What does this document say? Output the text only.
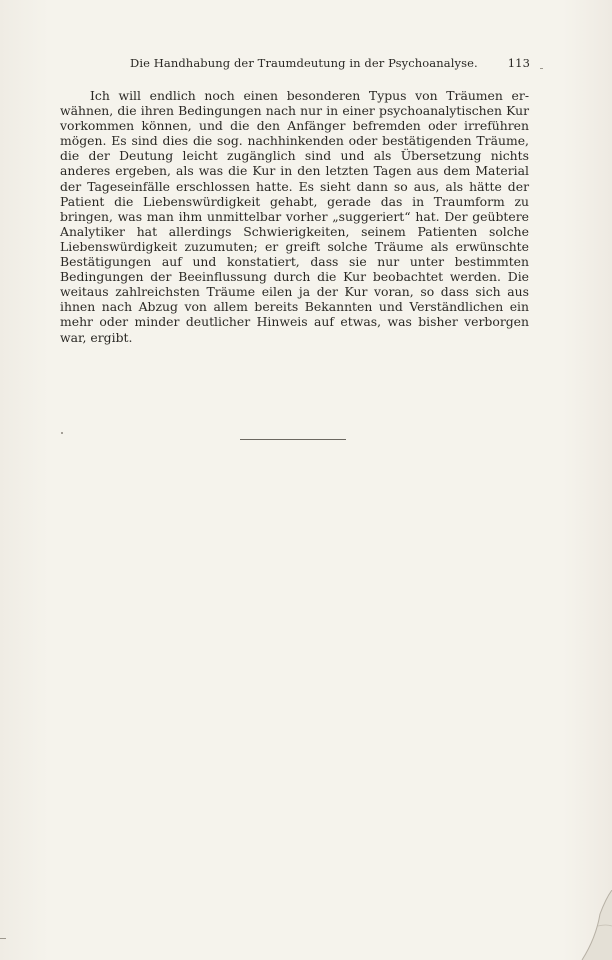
Die Handhabung der Traumdeutung in der Psychoanalyse.	113

Ich will endlich noch einen besonderen Typus von Träumen erwähnen, die ihren Bedingungen nach nur in einer psychoanalytischen Kur vorkommen können, und die den Anfänger befremden oder irreführen mögen. Es sind dies die sog. nachhinkenden oder bestätigenden Träume, die der Deutung leicht zugänglich sind und als Übersetzung nichts anderes ergeben, als was die Kur in den letzten Tagen aus dem Material der Tageseinfälle erschlossen hatte. Es sieht dann so aus, als hätte der Patient die Liebenswürdigkeit gehabt, gerade das in Traumform zu bringen, was man ihm unmittelbar vorher „suggeriert“ hat. Der geübtere Analytiker hat allerdings Schwierigkeiten, seinem Patienten solche Liebenswürdigkeit zuzumuten; er greift solche Träume als erwünschte Bestätigungen auf und konstatiert, dass sie nur unter bestimmten Bedingungen der Beeinflussung durch die Kur beobachtet werden. Die weitaus zahlreichsten Träume eilen ja der Kur voran, so dass sich aus ihnen nach Abzug von allem bereits Bekannten und Verständlichen ein mehr oder minder deutlicher Hinweis auf etwas, was bisher verborgen war, ergibt.
